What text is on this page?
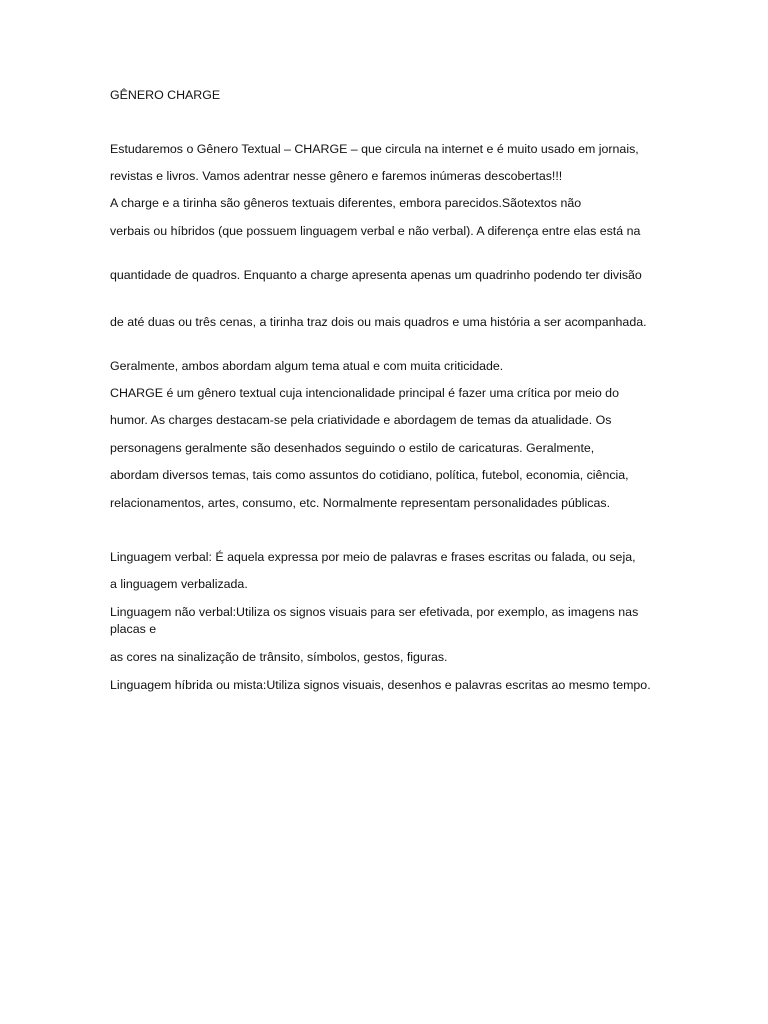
GÊNERO CHARGE
Estudaremos o Gênero Textual – CHARGE – que circula na internet e é muito usado em jornais,
revistas e livros. Vamos adentrar nesse gênero e faremos inúmeras descobertas!!!
A charge e a tirinha são gêneros textuais diferentes, embora parecidos.Sãotextos não
verbais ou híbridos (que possuem linguagem verbal e não verbal). A diferença entre elas está na
quantidade de quadros. Enquanto a charge apresenta apenas um quadrinho podendo ter divisão
de até duas ou três cenas, a tirinha traz dois ou mais quadros e uma história a ser acompanhada.
Geralmente, ambos abordam algum tema atual e com muita criticidade.
CHARGE é um gênero textual cuja intencionalidade principal é fazer uma crítica por meio do
humor. As charges destacam-se pela criatividade e abordagem de temas da atualidade. Os
personagens geralmente são desenhados seguindo o estilo de caricaturas. Geralmente,
abordam diversos temas, tais como assuntos do cotidiano, política, futebol, economia, ciência,
relacionamentos, artes, consumo, etc. Normalmente representam personalidades públicas.
Linguagem verbal: É aquela expressa por meio de palavras e frases escritas ou falada, ou seja,
a linguagem verbalizada.
Linguagem não verbal:Utiliza os signos visuais para ser efetivada, por exemplo, as imagens nas placas e
as cores na sinalização de trânsito, símbolos, gestos, figuras.
Linguagem híbrida ou mista:Utiliza signos visuais, desenhos e palavras escritas ao mesmo tempo.
